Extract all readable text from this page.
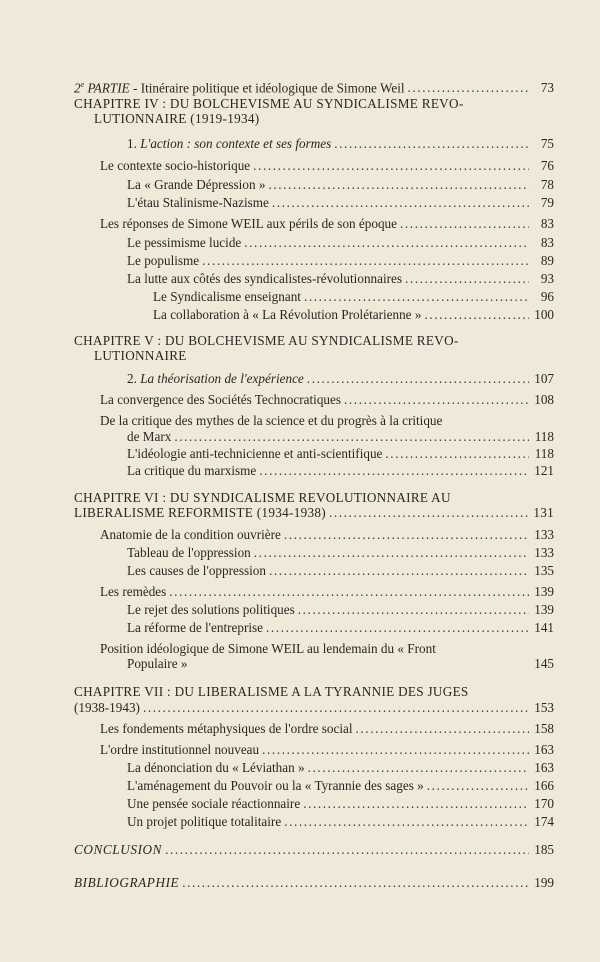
2e PARTIE - Itinéraire politique et idéologique de Simone Weil .....	73
CHAPITRE IV : DU BOLCHEVISME AU SYNDICALISME REVO-
LUTIONNAIRE (1919-1934)
1. L'action : son contexte et ses formes .....	75
Le contexte socio-historique .....	76
La « Grande Dépression » .....	78
L'étau Stalinisme-Nazisme .....	79
Les réponses de Simone WEIL aux périls de son époque .....	83
Le pessimisme lucide .....	83
Le populisme .....	89
La lutte aux côtés des syndicalistes-révolutionnaires .....	93
Le Syndicalisme enseignant .....	96
La collaboration à « La Révolution Prolétarienne » .....	100
CHAPITRE V : DU BOLCHEVISME AU SYNDICALISME REVO-
LUTIONNAIRE
2. La théorisation de l'expérience .....	107
La convergence des Sociétés Technocratiques .....	108
De la critique des mythes de la science et du progrès à la critique
de Marx .....	118
L'idéologie anti-technicienne et anti-scientifique .....	118
La critique du marxisme .....	121
CHAPITRE VI : DU SYNDICALISME REVOLUTIONNAIRE AU
LIBERALISME REFORMISTE (1934-1938) .....	131
Anatomie de la condition ouvrière .....	133
Tableau de l'oppression .....	133
Les causes de l'oppression .....	135
Les remèdes .....	139
Le rejet des solutions politiques .....	139
La réforme de l'entreprise .....	141
Position idéologique de Simone WEIL au lendemain du « Front
Populaire »	145
CHAPITRE VII : DU LIBERALISME A LA TYRANNIE DES JUGES
(1938-1943) .....	153
Les fondements métaphysiques de l'ordre social .....	158
L'ordre institutionnel nouveau .....	163
La dénonciation du « Léviathan » .....	163
L'aménagement du Pouvoir ou la « Tyrannie des sages » .....	166
Une pensée sociale réactionnaire .....	170
Un projet politique totalitaire .....	174
CONCLUSION .....	185
BIBLIOGRAPHIE .....	199
